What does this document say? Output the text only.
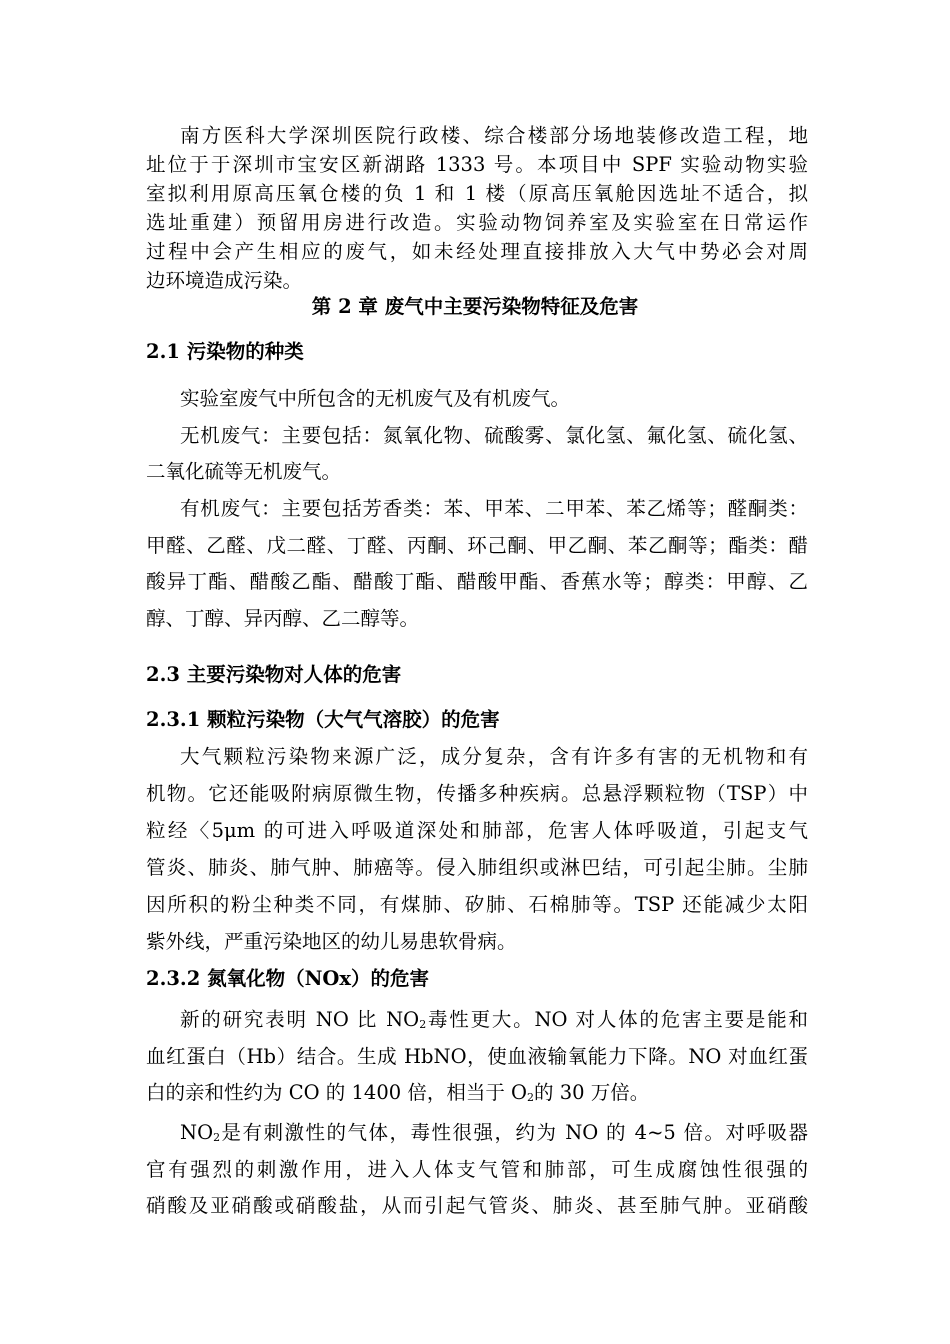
南方医科大学深圳医院行政楼、综合楼部分场地装修改造工程，地
址位于于深圳市宝安区新湖路 1333 号。本项目中 SPF 实验动物实验
室拟利用原高压氧仓楼的负 1 和 1 楼（原高压氧舱因选址不适合，拟
选址重建）预留用房进行改造。实验动物饲养室及实验室在日常运作
过程中会产生相应的废气，如未经处理直接排放入大气中势必会对周
边环境造成污染。
第 2 章 废气中主要污染物特征及危害
2.1 污染物的种类
实验室废气中所包含的无机废气及有机废气。
无机废气：主要包括：氮氧化物、硫酸雾、氯化氢、氟化氢、硫化氢、
二氧化硫等无机废气。
有机废气：主要包括芳香类：苯、甲苯、二甲苯、苯乙烯等；醛酮类：
甲醛、乙醛、戊二醛、丁醛、丙酮、环己酮、甲乙酮、苯乙酮等；酯类：醋
酸异丁酯、醋酸乙酯、醋酸丁酯、醋酸甲酯、香蕉水等；醇类：甲醇、乙
醇、丁醇、异丙醇、乙二醇等。
2.3 主要污染物对人体的危害
2.3.1 颗粒污染物（大气气溶胶）的危害
大气颗粒污染物来源广泛，成分复杂，含有许多有害的无机物和有
机物。它还能吸附病原微生物，传播多种疾病。总悬浮颗粒物（TSP）中
粒经〈5μm 的可进入呼吸道深处和肺部，危害人体呼吸道，引起支气
管炎、肺炎、肺气肿、肺癌等。侵入肺组织或淋巴结，可引起尘肺。尘肺
因所积的粉尘种类不同，有煤肺、矽肺、石棉肺等。TSP 还能减少太阳
紫外线，严重污染地区的幼儿易患软骨病。
2.3.2 氮氧化物（NOx）的危害
新的研究表明 NO 比 $NO_2$毒性更大。NO 对人体的危害主要是能和
血红蛋白（Hb）结合。生成 HbNO，使血液输氧能力下降。NO 对血红蛋
白的亲和性约为 CO 的 1400 倍，相当于 $O_2$的 30 万倍。
$NO_2$是有刺激性的气体，毒性很强，约为 NO 的 4~5 倍。对呼吸器
官有强烈的刺激作用，进入人体支气管和肺部，可生成腐蚀性很强的
硝酸及亚硝酸或硝酸盐，从而引起气管炎、肺炎、甚至肺气肿。亚硝酸
